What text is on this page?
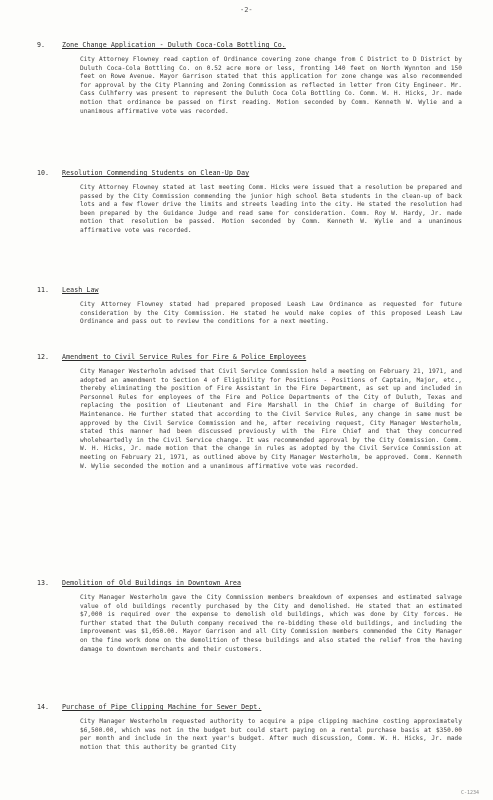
-2-
9.	Zone Change Application - Duluth Coca-Cola Bottling Co.
City Attorney Flowney read caption of Ordinance covering zone change from C District to D District by Duluth Coca-Cola Bottling Co. on 0.52 acre more or less, fronting 140 feet on North Wynnton and 150 feet on Rowe Avenue. Mayor Garrison stated that this application for zone change was also recommended for approval by the City Planning and Zoning Commission as reflected in letter from City Engineer. Mr. Cass Culhferry was present to represent the Duluth Coca Cola Bottling Co. Comm. W. H. Hicks, Jr. made motion that ordinance be passed on first reading. Motion seconded by Comm. Kenneth W. Wylie and a unanimous affirmative vote was recorded.
10. Resolution Commending Students on Clean-Up Day
City Attorney Flowney stated at last meeting Comm. Hicks were issued that a resolution be prepared and passed by the City Commission commending the junior high school Beta students in the clean-up of back lots and a few flower drive the limits and streets leading into the city. He stated the resolution had been prepared by the Guidance Judge and read same for consideration. Comm. Roy W. Hardy, Jr. made motion that resolution be passed. Motion seconded by Comm. Kenneth W. Wylie and a unanimous affirmative vote was recorded.
11. Leash Law
City Attorney Flowney stated had prepared proposed Leash Law Ordinance as requested for future consideration by the City Commission. He stated he would make copies of this proposed Leash Law Ordinance and pass out to review the conditions for a next meeting.
12. Amendment to Civil Service Rules for Fire & Police Employees
City Manager Westerholm advised that Civil Service Commission held a meeting on February 21, 1971, and adopted an amendment to Section 4 of Eligibility for Positions - Positions of Captain, Major, etc., thereby eliminating the position of Fire Assistant in the Fire Department, as set up and included in Personnel Rules for employees of the Fire and Police Departments of the City of Duluth, Texas and replacing the position of Lieutenant and Fire Marshall in the Chief in charge of Building for Maintenance. He further stated that according to the Civil Service Rules, any change in same must be approved by the Civil Service Commission and he, after receiving request, City Manager Westerholm, stated this manner had been discussed previously with the Fire Chief and that they concurred wholeheartedly in the Civil Service change. It was recommended approval by the City Commission. Comm. W. H. Hicks, Jr. made motion that the change in rules as adopted by the Civil Service Commission at meeting on February 21, 1971, as outlined above by City Manager Westerholm, be approved. Comm. Kenneth W. Wylie seconded the motion and a unanimous affirmative vote was recorded.
13. Demolition of Old Buildings in Downtown Area
City Manager Westerholm gave the City Commission members breakdown of expenses and estimated salvage value of old buildings recently purchased by the City and demolished. He stated that an estimated $7,000 is required over the expense to demolish old buildings, which was done by City forces. He further stated that the Duluth company received the re-bidding these old buildings, and including the improvement was $1,050.00. Mayor Garrison and all City Commission members commended the City Manager on the fine work done on the demolition of these buildings and also stated the relief from the having damage to downtown merchants and their customers.
14. Purchase of Pipe Clipping Machine for Sewer Dept.
City Manager Westerholm requested authority to acquire a pipe clipping machine costing approximately $6,500.00, which was not in the budget but could start paying on a rental purchase basis at $350.00 per month and include in the next year's budget. After much discussion, Comm. W. H. Hicks, Jr. made motion that this authority be granted City
C-1234
